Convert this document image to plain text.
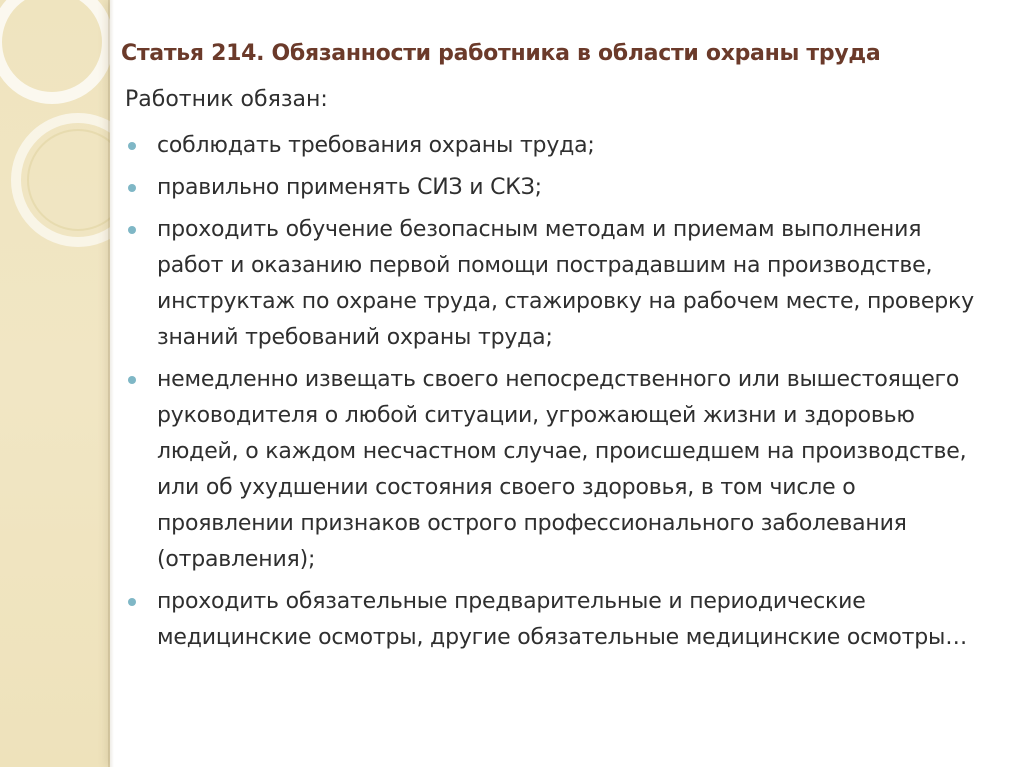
Статья 214. Обязанности работника в области охраны труда
Работник обязан:
соблюдать требования охраны труда;
правильно применять СИЗ и СКЗ;
проходить обучение безопасным методам и приемам выполнения работ и оказанию первой помощи пострадавшим на производстве, инструктаж по охране труда, стажировку на рабочем месте, проверку знаний требований охраны труда;
немедленно извещать своего непосредственного или вышестоящего руководителя о любой ситуации, угрожающей жизни и здоровью людей, о каждом несчастном случае, происшедшем на производстве, или об ухудшении состояния своего здоровья, в том числе о проявлении признаков острого профессионального заболевания (отравления);
проходить обязательные предварительные и периодические медицинские осмотры, другие обязательные медицинские осмотры…
